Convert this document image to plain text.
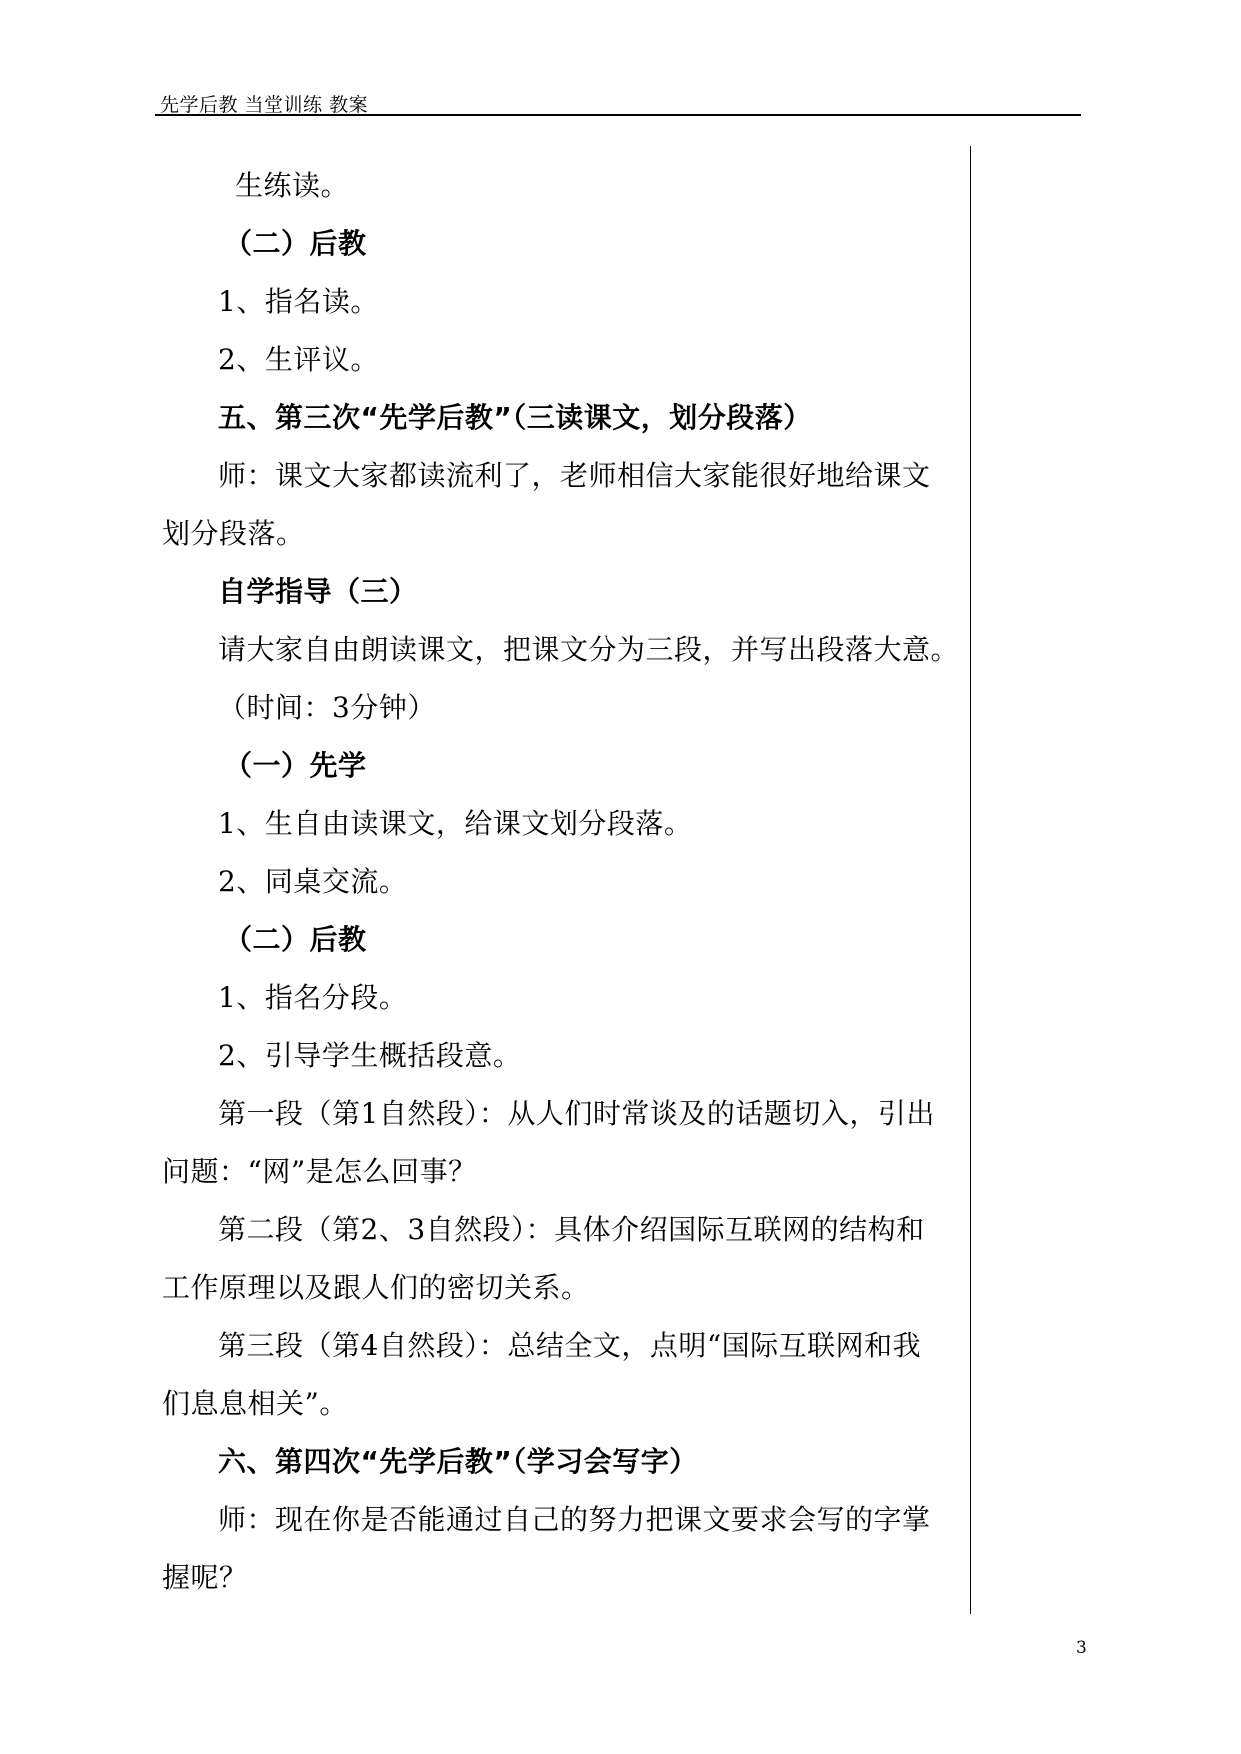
先学后教 当堂训练 教案

生练读。

（二）后教

1、指名读。

2、生评议。

五、第三次“先学后教”（三读课文，划分段落）

师：课文大家都读流利了，老师相信大家能很好地给课文

划分段落。

自学指导（三）

请大家自由朗读课文，把课文分为三段，并写出段落大意。

（时间：3分钟）

（一）先学

1、生自由读课文，给课文划分段落。

2、同桌交流。

（二）后教

1、指名分段。

2、引导学生概括段意。

第一段（第1自然段）：从人们时常谈及的话题切入，引出

问题：“网”是怎么回事？

第二段（第2、3自然段）：具体介绍国际互联网的结构和

工作原理以及跟人们的密切关系。

第三段（第4自然段）：总结全文，点明“国际互联网和我

们息息相关”。

六、第四次“先学后教”（学习会写字）

师：现在你是否能通过自己的努力把课文要求会写的字掌

握呢？

3
